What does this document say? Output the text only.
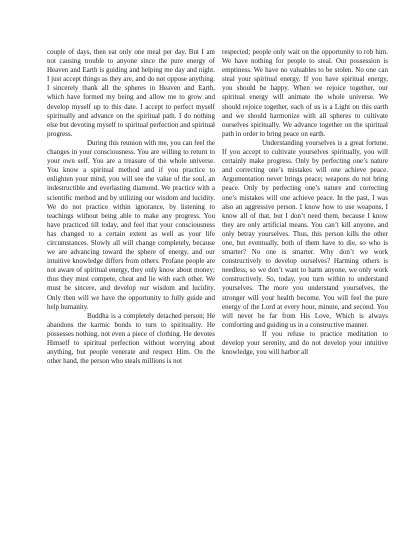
couple of days, then eat only one meal per day. But I am not causing trouble to anyone since the pure energy of Heaven and Earth is guiding and helping me day and night. I just accept things as they are, and do not oppose anything. I sincerely thank all the spheres in Heaven and Earth, which have formed my being and allow me to grow and develop myself up to this date. I accept to perfect myself spiritually and advance on the spiritual path. I do nothing else but devoting myself to spiritual perfection and spiritual progress.

During this reunion with me, you can feel the changes in your consciousness. You are willing to return to your own self. You are a treasure of the whole universe. You know a spiritual method and if you practice to enlighten your mind, you will see the value of the soul, an indestructible and everlasting diamond. We practice with a scientific method and by utilizing our wisdom and lucidity. We do not practice within ignorance, by listening to teachings without being able to make any progress. You have practiced till today, and feel that your consciousness has changed to a certain extent as well as your life circumstances. Slowly all will change completely, because we are advancing toward the sphere of energy, and our intuitive knowledge differs from others. Profane people are not aware of spiritual energy, they only know about money; thus they must compete, cheat and lie with each other. We must be sincere, and develop our wisdom and lucidity. Only then will we have the opportunity to fully guide and help humanity.

Buddha is a completely detached person; He abandons the karmic bonds to turn to spirituality. He possesses nothing, not even a piece of clothing. He devotes Himself to spiritual perfection without worrying about anything, but people venerate and respect Him. On the other hand, the person who steals millions is not

respected; people only wait on the opportunity to rob him. We have nothing for people to steal. Our possession is emptiness. We have no valuables to be stolen. No one can steal your spiritual energy. If you have spiritual energy, you should be happy. When we rejoice together, our spiritual energy will animate the whole universe. We should rejoice together, each of us is a Light on this earth and we should harmonize with all spheres to cultivate ourselves spiritually. We advance together on the spiritual path in order to bring peace on earth.

Understanding yourselves is a great fortune. If you accept to cultivate yourselves spiritually, you will certainly make progress. Only by perfecting one’s nature and correcting one’s mistakes will one achieve peace. Argumentation never brings peace; weapons do not bring peace. Only by perfecting one’s nature and correcting one’s mistakes will one achieve peace. In the past, I was also an aggressive person. I know how to use weapons, I know all of that, but I don’t need them, because I know they are only artificial means. You can’t kill anyone, and only betray yourselves. Thus, this person kills the other one, but eventually, both of them have to die, so who is smarter? No one is smarter. Why don’t we work constructively to develop ourselves? Harming others is needless, so we don’t want to harm anyone, we only work constructively. So, today, you turn within to understand yourselves. The more you understand yourselves, the stronger will your health become. You will feel the pure energy of the Lord at every hour, minute, and second. You will never be far from His Love, Which is always comforting and guiding us in a constructive manner.

If you refuse to practice meditation to develop your serenity, and do not develop your intuitive knowledge, you will harbor all
